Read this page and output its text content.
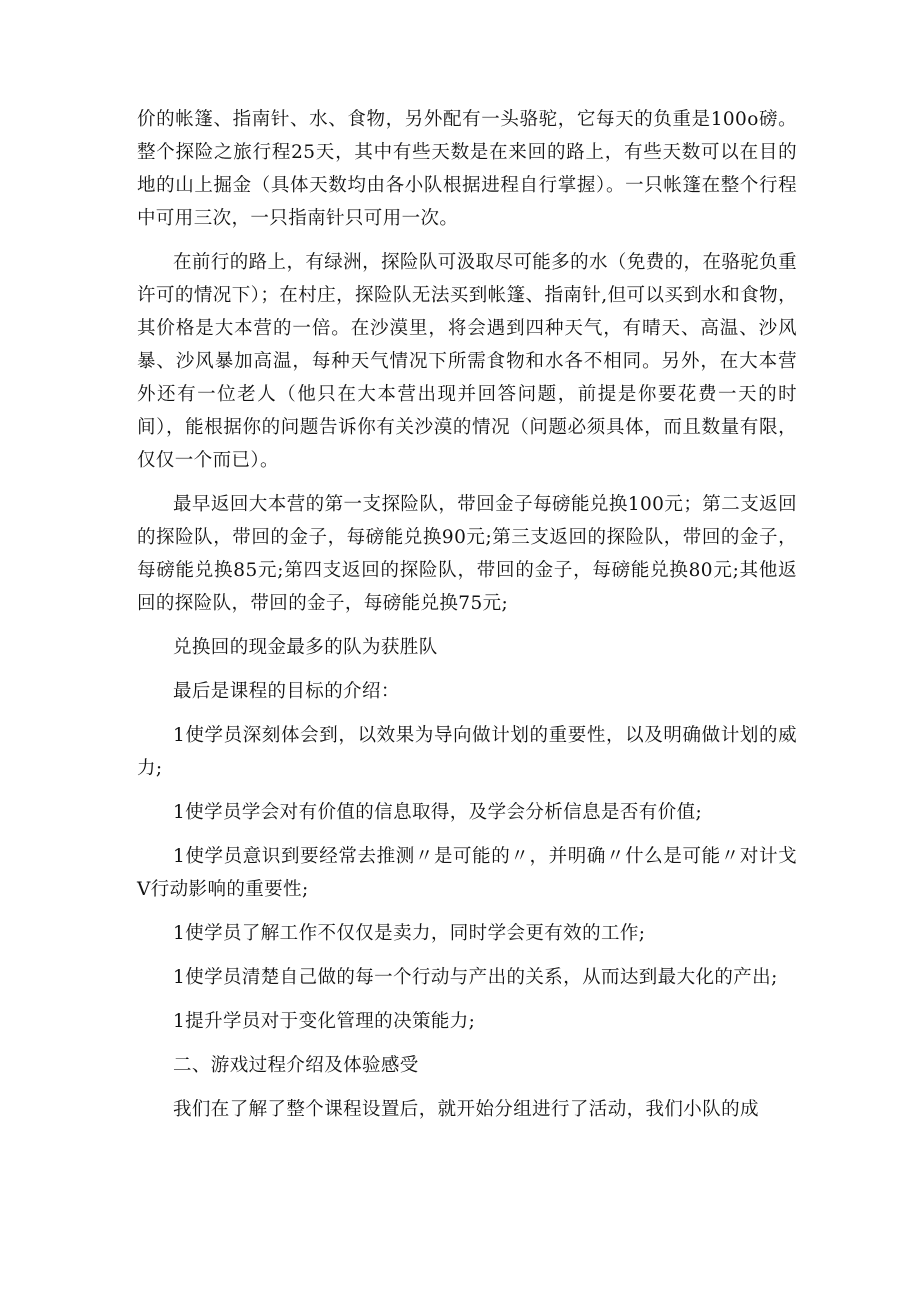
价的帐篷、指南针、水、食物，另外配有一头骆驼，它每天的负重是100o磅。整个探险之旅行程25天，其中有些天数是在来回的路上，有些天数可以在目的地的山上掘金（具体天数均由各小队根据进程自行掌握）。一只帐篷在整个行程中可用三次，一只指南针只可用一次。

在前行的路上，有绿洲，探险队可汲取尽可能多的水（免费的，在骆驼负重许可的情况下）；在村庄，探险队无法买到帐篷、指南针,但可以买到水和食物，其价格是大本营的一倍。在沙漠里，将会遇到四种天气，有晴天、高温、沙风暴、沙风暴加高温，每种天气情况下所需食物和水各不相同。另外，在大本营外还有一位老人（他只在大本营出现并回答问题，前提是你要花费一天的时间），能根据你的问题告诉你有关沙漠的情况（问题必须具体，而且数量有限，仅仅一个而已）。

最早返回大本营的第一支探险队，带回金子每磅能兑换100元；第二支返回的探险队，带回的金子，每磅能兑换90元;第三支返回的探险队，带回的金子，每磅能兑换85元;第四支返回的探险队，带回的金子，每磅能兑换80元;其他返回的探险队，带回的金子，每磅能兑换75元;

兑换回的现金最多的队为获胜队

最后是课程的目标的介绍：

1使学员深刻体会到，以效果为导向做计划的重要性，以及明确做计划的威力;

1使学员学会对有价值的信息取得，及学会分析信息是否有价值;

1使学员意识到要经常去推测〃是可能的〃，并明确〃什么是可能〃对计戈V行动影响的重要性;

1使学员了解工作不仅仅是卖力，同时学会更有效的工作;

1使学员清楚自己做的每一个行动与产出的关系，从而达到最大化的产出;

1提升学员对于变化管理的决策能力;

二、游戏过程介绍及体验感受

我们在了解了整个课程设置后，就开始分组进行了活动，我们小队的成
